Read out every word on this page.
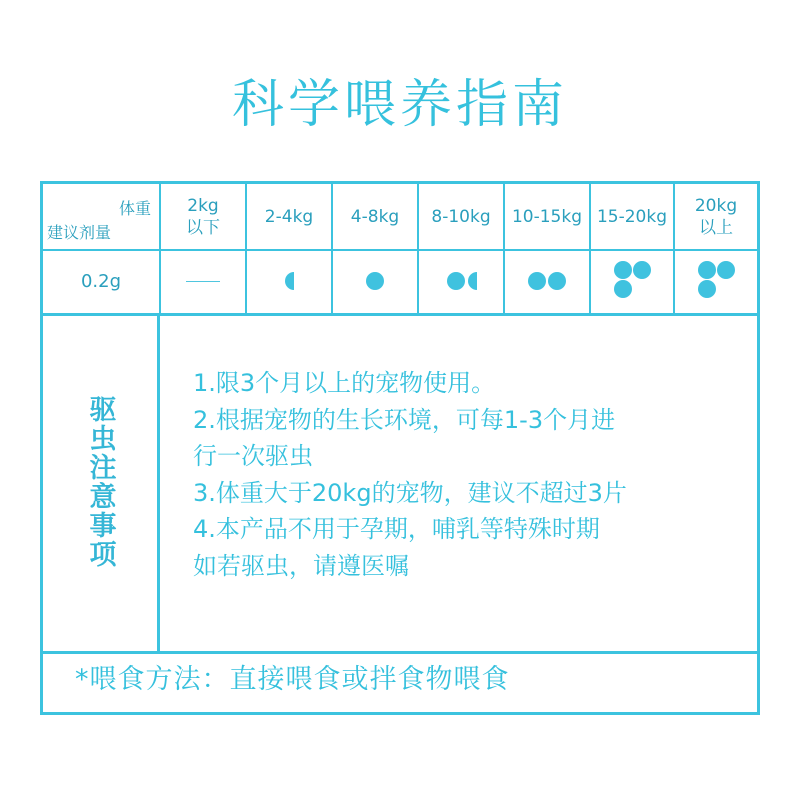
科学喂养指南
体重
建议剂量
2kg
以下
2-4kg 4-8kg 8-10kg 10-15kg 15-20kg
20kg
以上
0.2g
驱虫注意事项
1.限3个月以上的宠物使用。
2.根据宠物的生长环境，可每1-3个月进
行一次驱虫
3.体重大于20kg的宠物，建议不超过3片
4.本产品不用于孕期，哺乳等特殊时期
如若驱虫，请遵医嘱
*喂食方法：直接喂食或拌食物喂食
